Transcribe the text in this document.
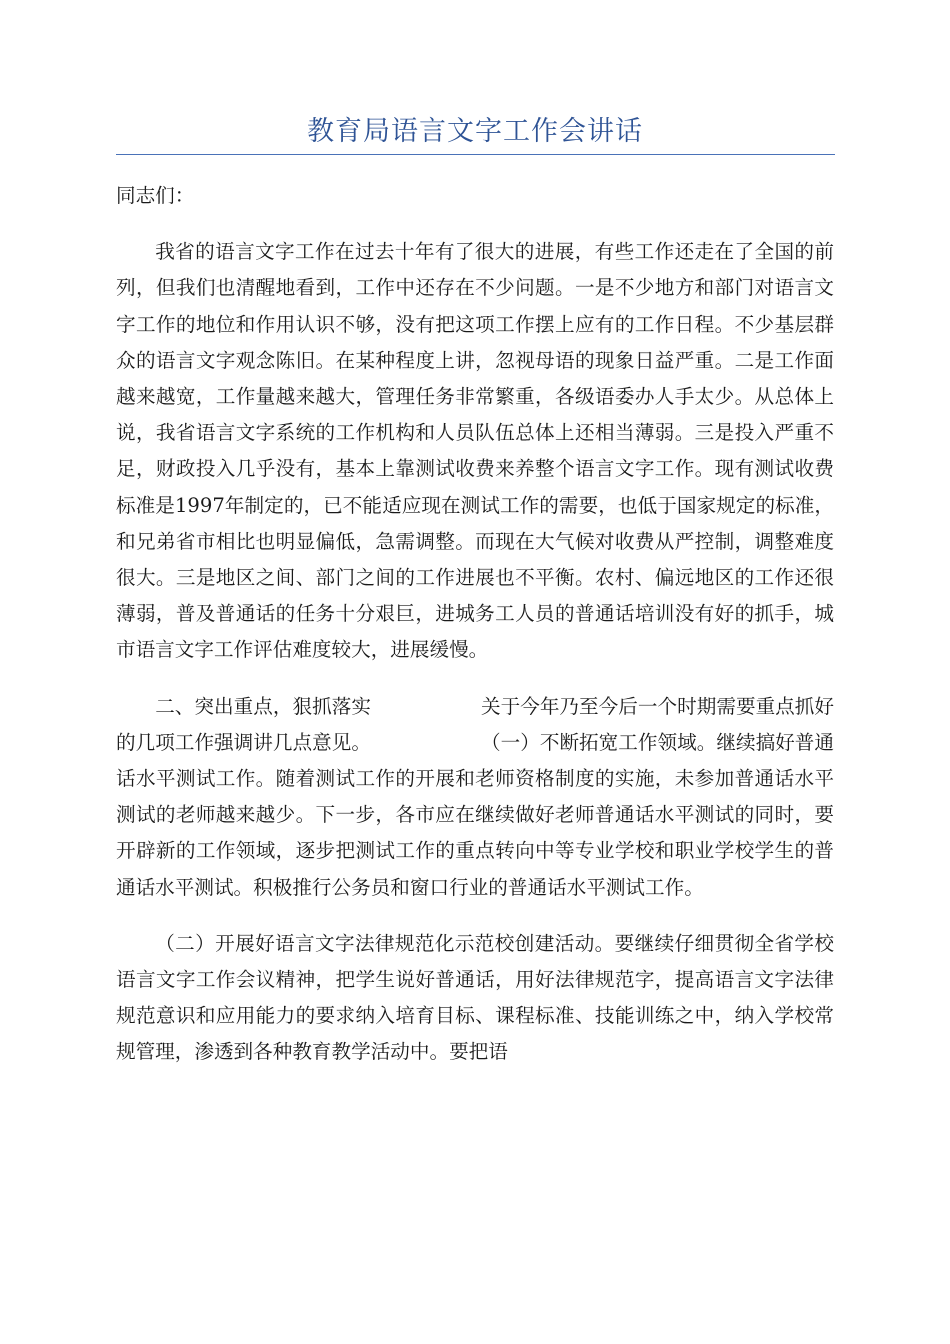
教育局语言文字工作会讲话

同志们：

我省的语言文字工作在过去十年有了很大的进展，有些工作还走在了全国的前列，但我们也清醒地看到，工作中还存在不少问题。一是不少地方和部门对语言文字工作的地位和作用认识不够，没有把这项工作摆上应有的工作日程。不少基层群众的语言文字观念陈旧。在某种程度上讲，忽视母语的现象日益严重。二是工作面越来越宽，工作量越来越大，管理任务非常繁重，各级语委办人手太少。从总体上说，我省语言文字系统的工作机构和人员队伍总体上还相当薄弱。三是投入严重不足，财政投入几乎没有，基本上靠测试收费来养整个语言文字工作。现有测试收费标准是1997年制定的，已不能适应现在测试工作的需要，也低于国家规定的标准，和兄弟省市相比也明显偏低，急需调整。而现在大气候对收费从严控制，调整难度很大。三是地区之间、部门之间的工作进展也不平衡。农村、偏远地区的工作还很薄弱，普及普通话的任务十分艰巨，进城务工人员的普通话培训没有好的抓手，城市语言文字工作评估难度较大，进展缓慢。

二、突出重点，狠抓落实	关于今年乃至今后一个时期需要重点抓好的几项工作强调讲几点意见。	（一）不断拓宽工作领域。继续搞好普通话水平测试工作。随着测试工作的开展和老师资格制度的实施，未参加普通话水平测试的老师越来越少。下一步，各市应在继续做好老师普通话水平测试的同时，要开辟新的工作领域，逐步把测试工作的重点转向中等专业学校和职业学校学生的普通话水平测试。积极推行公务员和窗口行业的普通话水平测试工作。

（二）开展好语言文字法律规范化示范校创建活动。要继续仔细贯彻全省学校语言文字工作会议精神，把学生说好普通话，用好法律规范字，提高语言文字法律规范意识和应用能力的要求纳入培育目标、课程标准、技能训练之中，纳入学校常规管理，渗透到各种教育教学活动中。要把语
